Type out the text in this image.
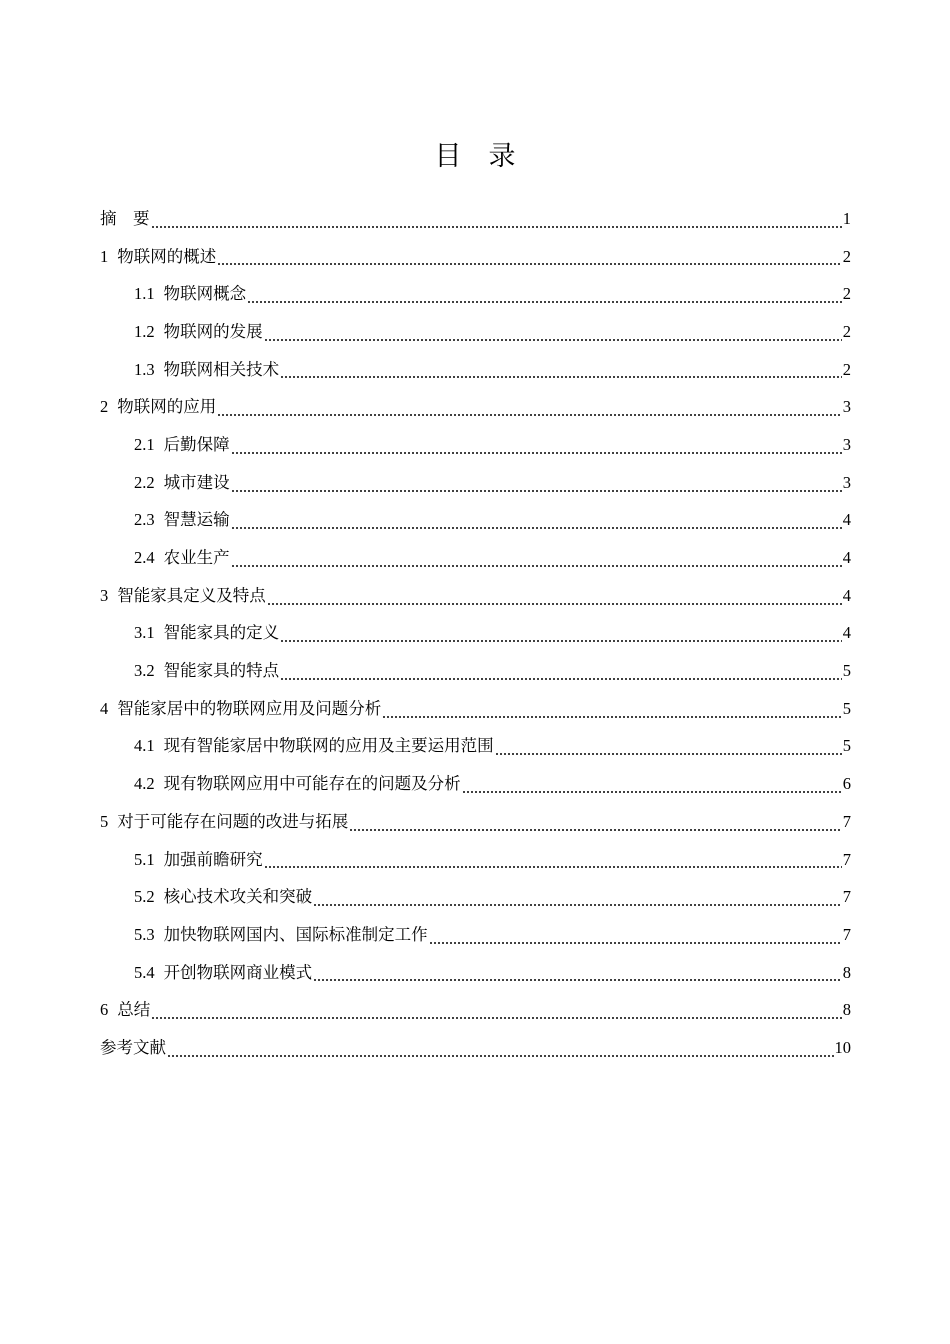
目　录
摘　要	1
1 物联网的概述	2
1.1 物联网概念	2
1.2 物联网的发展	2
1.3 物联网相关技术	2
2 物联网的应用	3
2.1 后勤保障	3
2.2 城市建设	3
2.3 智慧运输	4
2.4 农业生产	4
3 智能家具定义及特点	4
3.1 智能家具的定义	4
3.2 智能家具的特点	5
4 智能家居中的物联网应用及问题分析	5
4.1 现有智能家居中物联网的应用及主要运用范围	5
4.2 现有物联网应用中可能存在的问题及分析	6
5 对于可能存在问题的改进与拓展	7
5.1 加强前瞻研究	7
5.2 核心技术攻关和突破	7
5.3 加快物联网国内、国际标准制定工作	7
5.4 开创物联网商业模式	8
6 总结	8
参考文献	10
